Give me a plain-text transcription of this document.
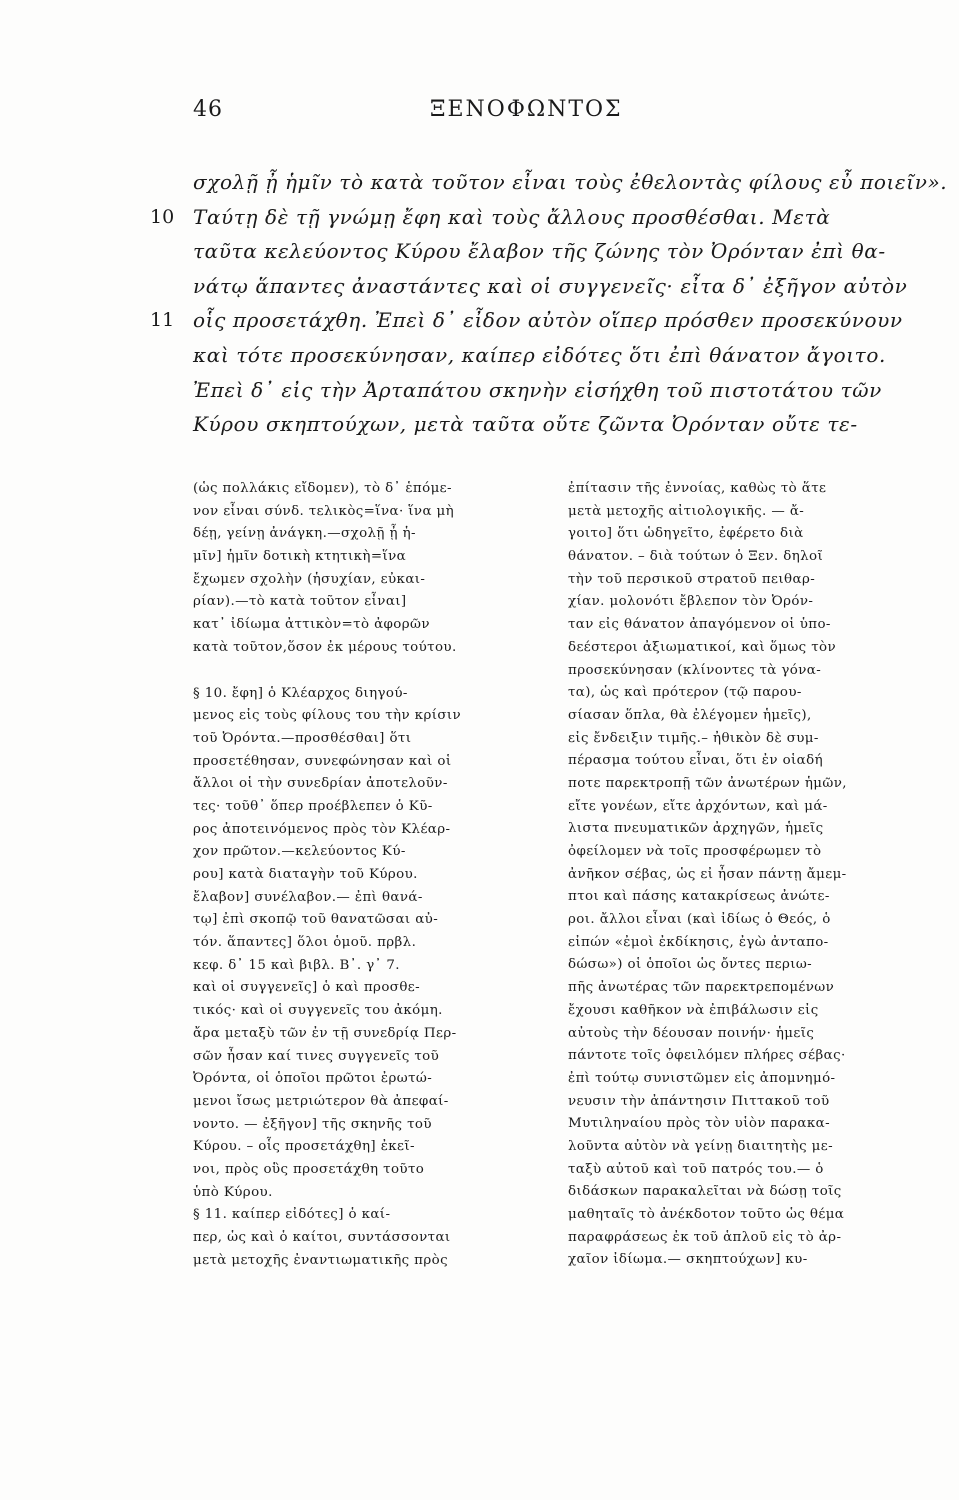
46	ΞΕΝΟΦΩΝΤΟΣ
σχολῇ ᾖ ἡμῖν τὸ κατὰ τοῦτον εἶναι τοὺς ἐθελοντὰς φίλους εὖ ποιεῖν».
10 Ταύτῃ δὲ τῇ γνώμῃ ἔφη καὶ τοὺς ἄλλους προσθέσθαι. Μετὰ
ταῦτα κελεύοντος Κύρου ἔλαβον τῆς ζώνης τὸν Ὀρόνταν ἐπὶ θα-
νάτῳ ἅπαντες ἀναστάντες καὶ οἱ συγγενεῖς· εἶτα δ᾽ ἐξῆγον αὐτὸν
11 οἷς προσετάχθη. Ἐπεὶ δ᾽ εἶδον αὐτὸν οἵπερ πρόσθεν προσεκύνουν
καὶ τότε προσεκύνησαν, καίπερ εἰδότες ὅτι ἐπὶ θάνατον ἄγοιτο.
Ἐπεὶ δ᾽ εἰς τὴν Ἀρταπάτου σκηνὴν εἰσήχθη τοῦ πιστοτάτου τῶν
Κύρου σκηπτούχων, μετὰ ταῦτα οὔτε ζῶντα Ὀρόνταν οὔτε τε-
(ὡς πολλάκις εἴδομεν), τὸ δ᾽ ἑπόμε-
νον εἶναι σύνδ. τελικὸς=ἵνα· ἵνα μὴ
δέῃ, γείνῃ ἀνάγκη.—σχολῇ ᾖ ἡ-
μῖν] ἡμῖν δοτικὴ κτητικὴ=ἵνα
ἔχωμεν σχολὴν (ἡσυχίαν, εὐκαι-
ρίαν).—τὸ κατὰ τοῦτον εἶναι]
κατ᾽ ἰδίωμα ἀττικὸν=τὸ ἀφορῶν
κατὰ τοῦτον,ὅσον ἐκ μέρους τούτου.
§ 10. ἔφη] ὁ Κλέαρχος διηγού-
μενος εἰς τοὺς φίλους του τὴν κρίσιν
τοῦ Ὀρόντα.—προσθέσθαι] ὅτι
προσετέθησαν, συνεφώνησαν καὶ οἱ
ἄλλοι οἱ τὴν συνεδρίαν ἀποτελοῦν-
τες· τοῦθ᾽ ὅπερ προέβλεπεν ὁ Κῦ-
ρος ἀποτεινόμενος πρὸς τὸν Κλέαρ-
χον πρῶτον.—κελεύοντος Κύ-
ρου] κατὰ διαταγὴν τοῦ Κύρου.
ἔλαβον] συνέλαβον.— ἐπὶ θανά-
τῳ] ἐπὶ σκοπῷ τοῦ θανατῶσαι αὐ-
τόν. ἅπαντες] ὅλοι ὁμοῦ. πρβλ.
κεφ. δ᾽ 15 καὶ βιβλ. Β᾽. γ᾽ 7.
καὶ οἱ συγγενεῖς] ὁ καὶ προσθε-
τικός· καὶ οἱ συγγενεῖς του ἀκόμη.
ἄρα μεταξὺ τῶν ἐν τῇ συνεδρίᾳ Περ-
σῶν ἦσαν καί τινες συγγενεῖς τοῦ
Ὀρόντα, οἱ ὁποῖοι πρῶτοι ἐρωτώ-
μενοι ἴσως μετριώτερον θὰ ἀπεφαί-
νοντο. — ἐξῆγον] τῆς σκηνῆς τοῦ
Κύρου. – οἷς προσετάχθη] ἐκεῖ-
νοι, πρὸς οὓς προσετάχθη τοῦτο
ὑπὸ Κύρου.
§ 11. καίπερ εἰδότες] ὁ καί-
περ, ὡς καὶ ὁ καίτοι, συντάσσονται
μετὰ μετοχῆς ἐναντιωματικῆς πρὸς
ἐπίτασιν τῆς ἐννοίας, καθὼς τὸ ἅτε
μετὰ μετοχῆς αἰτιολογικῆς. — ἄ-
γοιτο] ὅτι ὡδηγεῖτο, ἐφέρετο διὰ
θάνατον. – διὰ τούτων ὁ Ξεν. δηλοῖ
τὴν τοῦ περσικοῦ στρατοῦ πειθαρ-
χίαν. μολονότι ἔβλεπον τὸν Ὀρόν-
ταν εἰς θάνατον ἀπαγόμενον οἱ ὑπο-
δεέστεροι ἀξιωματικοί, καὶ ὅμως τὸν
προσεκύνησαν (κλίνοντες τὰ γόνα-
τα), ὡς καὶ πρότερον (τῷ παρου-
σίασαν ὅπλα, θὰ ἐλέγομεν ἡμεῖς),
εἰς ἔνδειξιν τιμῆς.– ἠθικὸν δὲ συμ-
πέρασμα τούτου εἶναι, ὅτι ἐν οἱαδή
ποτε παρεκτροπῇ τῶν ἀνωτέρων ἡμῶν,
εἴτε γονέων, εἴτε ἀρχόντων, καὶ μά-
λιστα πνευματικῶν ἀρχηγῶν, ἡμεῖς
ὀφείλομεν νὰ τοῖς προσφέρωμεν τὸ
ἀνῆκον σέβας, ὡς εἰ ἦσαν πάντῃ ἄμεμ-
πτοι καὶ πάσης κατακρίσεως ἀνώτε-
ροι. ἄλλοι εἶναι (καὶ ἰδίως ὁ Θεός, ὁ
εἰπών «ἐμοὶ ἐκδίκησις, ἐγὼ ἀνταπο-
δώσω») οἱ ὁποῖοι ὡς ὄντες περιω-
πῆς ἀνωτέρας τῶν παρεκτρεπομένων
ἔχουσι καθῆκον νὰ ἐπιβάλωσιν εἰς
αὐτοὺς τὴν δέουσαν ποινήν· ἡμεῖς
πάντοτε τοῖς ὀφειλόμεν πλήρες σέβας·
ἐπὶ τούτῳ συνιστῶμεν εἰς ἀπομνημό-
νευσιν τὴν ἀπάντησιν Πιττακοῦ τοῦ
Μυτιληναίου πρὸς τὸν υἱὸν παρακα-
λοῦντα αὐτὸν νὰ γείνῃ διαιτητὴς με-
ταξὺ αὐτοῦ καὶ τοῦ πατρός του.— ὁ
διδάσκων παρακαλεῖται νὰ δώσῃ τοῖς
μαθηταῖς τὸ ἀνέκδοτον τοῦτο ὡς θέμα
παραφράσεως ἐκ τοῦ ἁπλοῦ εἰς τὸ ἀρ-
χαῖον ἰδίωμα.— σκηπτούχων] κυ-
